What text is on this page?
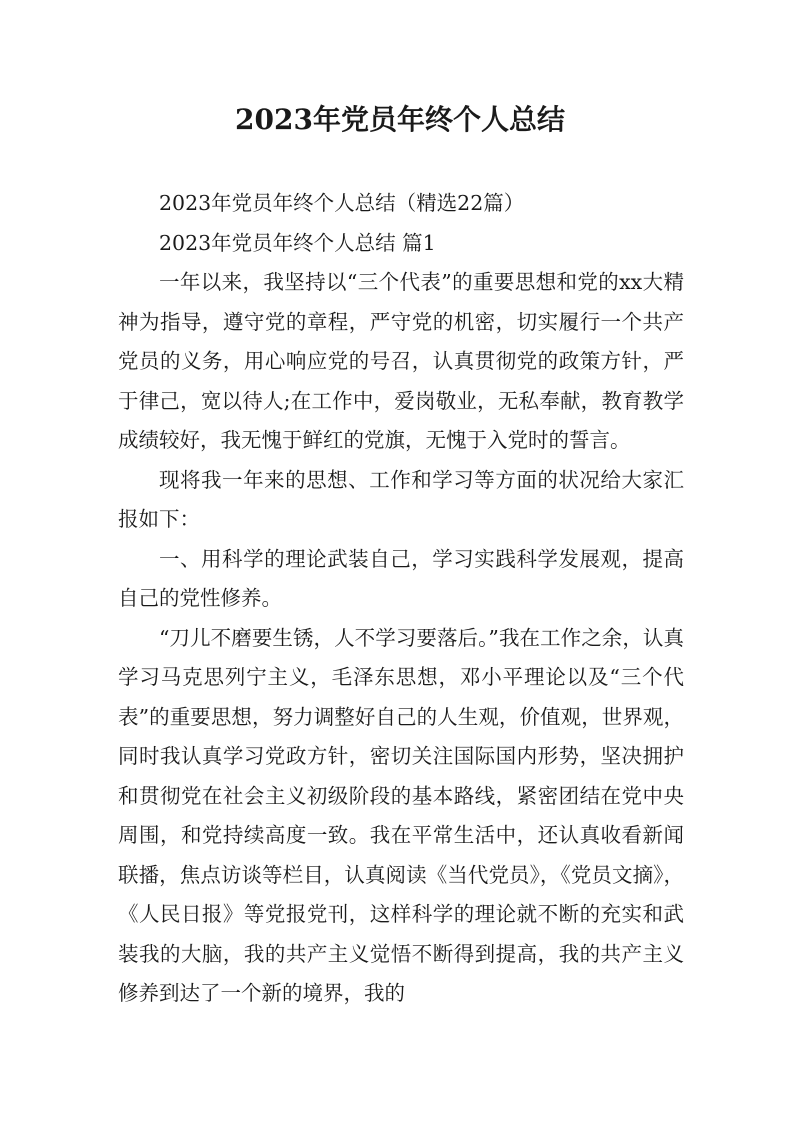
2023年党员年终个人总结

2023年党员年终个人总结（精选22篇）

2023年党员年终个人总结 篇1

一年以来，我坚持以“三个代表”的重要思想和党的xx大精神为指导，遵守党的章程，严守党的机密，切实履行一个共产党员的义务，用心响应党的号召，认真贯彻党的政策方针，严于律己，宽以待人;在工作中，爱岗敬业，无私奉献，教育教学成绩较好，我无愧于鲜红的党旗，无愧于入党时的誓言。

现将我一年来的思想、工作和学习等方面的状况给大家汇报如下：

一、用科学的理论武装自己，学习实践科学发展观，提高自己的党性修养。

“刀儿不磨要生锈，人不学习要落后。”我在工作之余，认真学习马克思列宁主义，毛泽东思想，邓小平理论以及“三个代表”的重要思想，努力调整好自己的人生观，价值观，世界观，同时我认真学习党政方针，密切关注国际国内形势，坚决拥护和贯彻党在社会主义初级阶段的基本路线，紧密团结在党中央周围，和党持续高度一致。我在平常生活中，还认真收看新闻联播，焦点访谈等栏目，认真阅读《当代党员》，《党员文摘》，《人民日报》等党报党刊，这样科学的理论就不断的充实和武装我的大脑，我的共产主义觉悟不断得到提高，我的共产主义修养到达了一个新的境界，我的
